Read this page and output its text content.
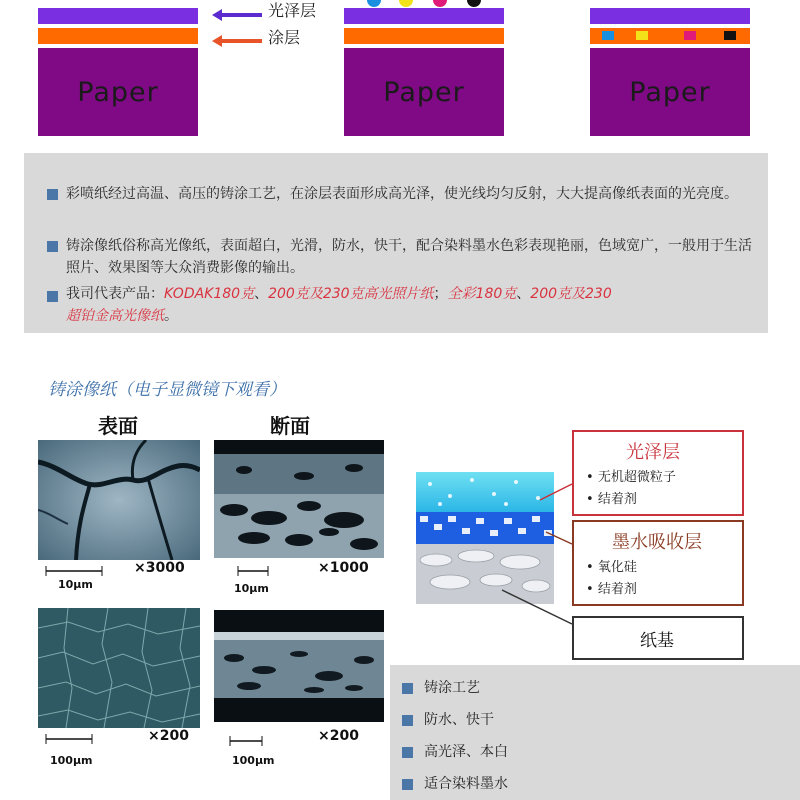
Paper
光泽层
涂层
Paper	Paper
彩喷纸经过高温、高压的铸涂工艺，在涂层表面形成高光泽，使光线均匀反射，大大提高像纸表面的光亮度。
铸涂像纸俗称高光像纸，表面超白，光滑，防水，快干，配合染料墨水色彩表现艳丽，色域宽广，一般用于生活照片、效果图等大众消费影像的输出。
我司代表产品：KODAK180克、200克及230克高光照片纸；全彩180克、200克及230
超铂金高光像纸。
铸涂像纸（电子显微镜下观看）
表面	断面
10μm
×3000
10μm
×1000
100μm
×200
100μm
×200
光泽层
• 无机超微粒子
• 结着剂
墨水吸收层
• 氧化硅
• 结着剂
纸基
铸涂工艺
防水、快干
高光泽、本白
适合染料墨水
